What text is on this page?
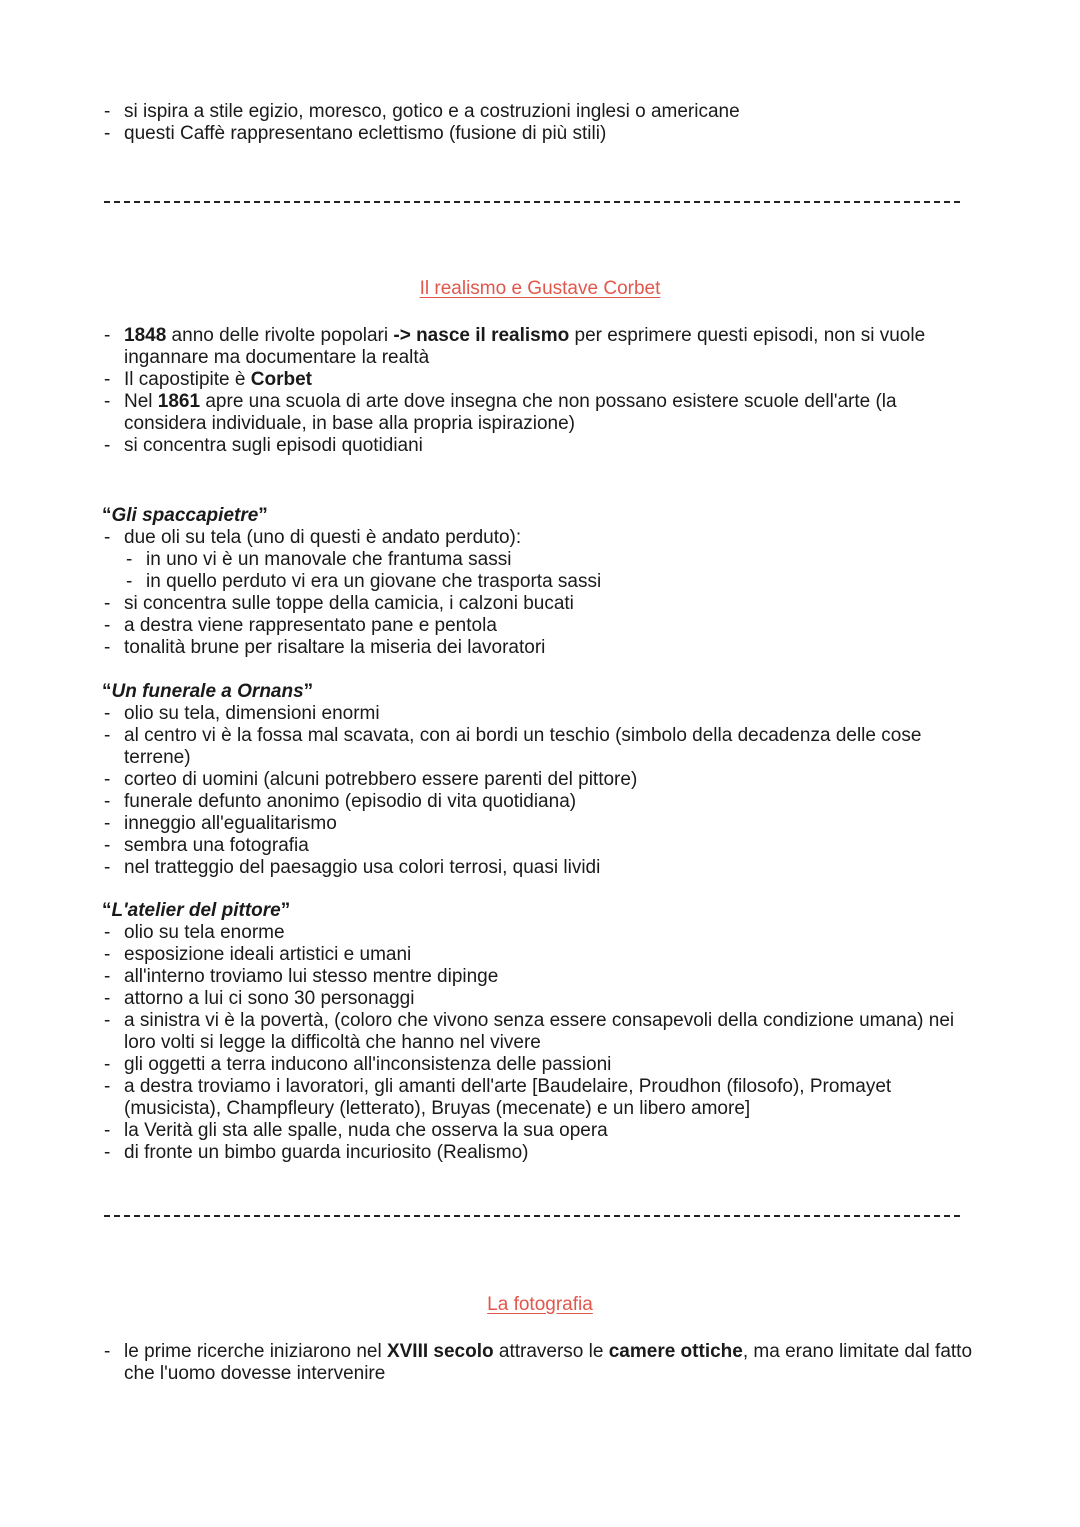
- si ispira a stile egizio, moresco, gotico e a costruzioni inglesi o americane
- questi Caffè rappresentano eclettismo (fusione di più stili)
Il realismo e Gustave Corbet
- 1848 anno delle rivolte popolari -> nasce il realismo per esprimere questi episodi, non si vuole ingannare ma documentare la realtà
- Il capostipite è Corbet
- Nel 1861 apre una scuola di arte dove insegna che non possano esistere scuole dell'arte (la considera individuale, in base alla propria ispirazione)
- si concentra sugli episodi quotidiani
“Gli spaccapietre”
- due oli su tela (uno di questi è andato perduto):
- in uno vi è un manovale che frantuma sassi
- in quello perduto vi era un giovane che trasporta sassi
- si concentra sulle toppe della camicia, i calzoni bucati
- a destra viene rappresentato pane e pentola
- tonalità brune per risaltare la miseria dei lavoratori
“Un funerale a Ornans”
- olio su tela, dimensioni enormi
- al centro vi è la fossa mal scavata, con ai bordi un teschio (simbolo della decadenza delle cose terrene)
- corteo di uomini (alcuni potrebbero essere parenti del pittore)
- funerale defunto anonimo (episodio di vita quotidiana)
- inneggio all'egualitarismo
- sembra una fotografia
- nel tratteggio del paesaggio usa colori terrosi, quasi lividi
“L'atelier del pittore”
- olio su tela enorme
- esposizione ideali artistici e umani
- all'interno troviamo lui stesso mentre dipinge
- attorno a lui ci sono 30 personaggi
- a sinistra vi è la povertà, (coloro che vivono senza essere consapevoli della condizione umana) nei loro volti si legge la difficoltà che hanno nel vivere
- gli oggetti a terra inducono all'inconsistenza delle passioni
- a destra troviamo i lavoratori, gli amanti dell'arte [Baudelaire, Proudhon (filosofo), Promayet (musicista), Champfleury (letterato), Bruyas (mecenate) e un libero amore]
- la Verità gli sta alle spalle, nuda che osserva la sua opera
- di fronte un bimbo guarda incuriosito (Realismo)
La fotografia
- le prime ricerche iniziarono nel XVIII secolo attraverso le camere ottiche, ma erano limitate dal fatto che l'uomo dovesse intervenire
